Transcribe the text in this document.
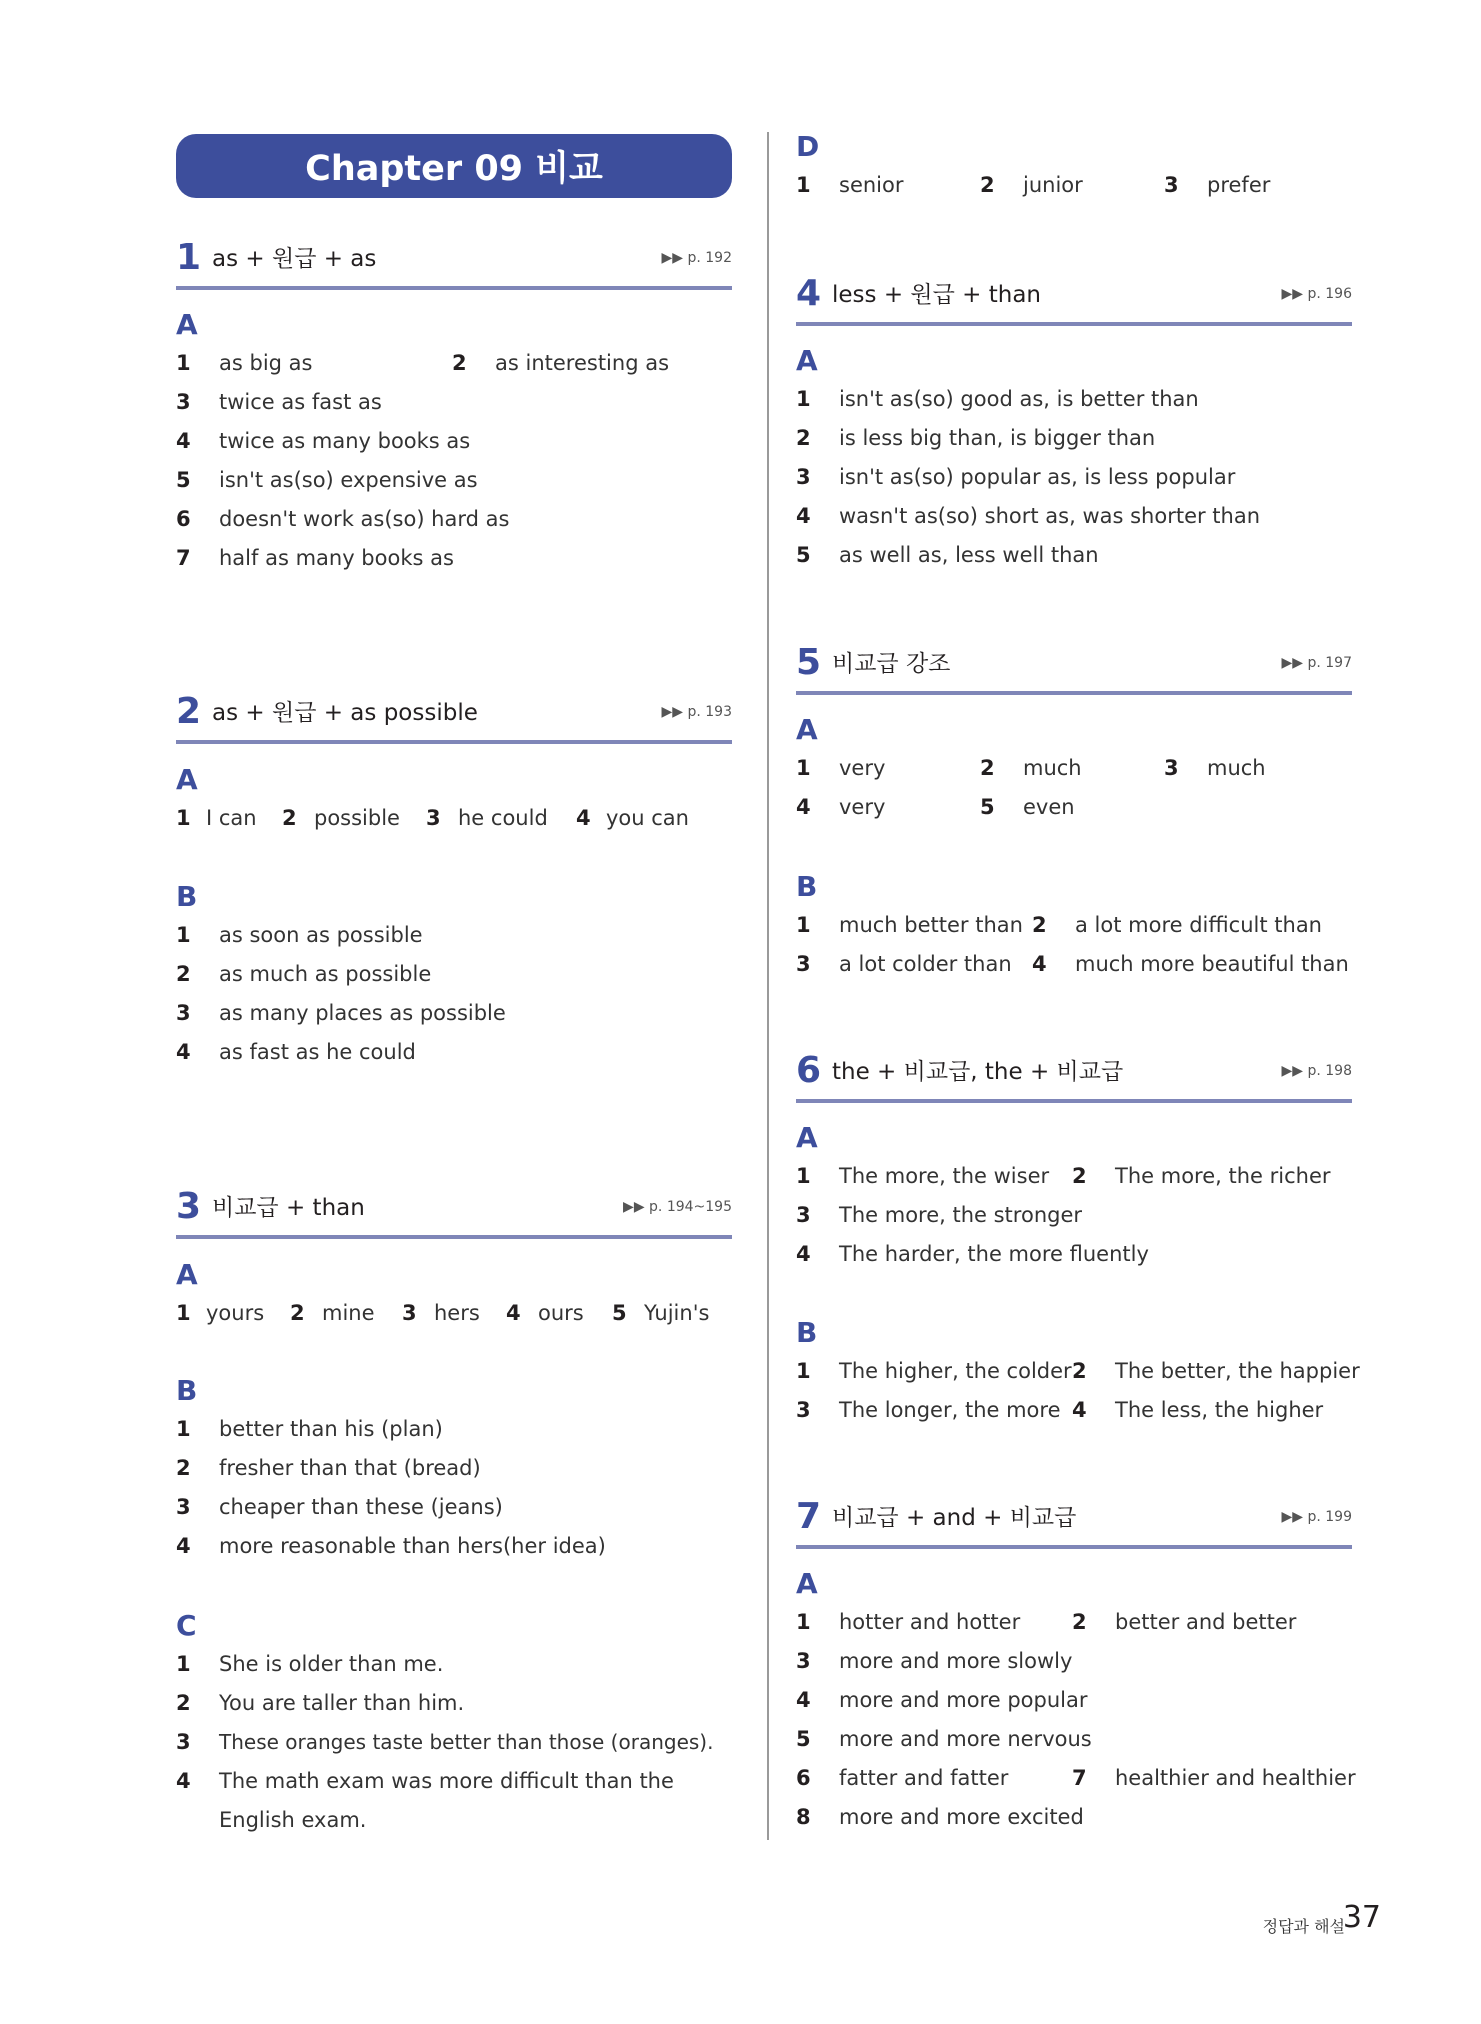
Chapter 09 비교
1 as + 원급 + as	▶▶ p. 192
A
1 as big as	2 as interesting as
3 twice as fast as
4 twice as many books as
5 isn't as(so) expensive as
6 doesn't work as(so) hard as
7 half as many books as
2 as + 원급 + as possible	▶▶ p. 193
A
1 I can 2 possible 3 he could 4 you can
B
1 as soon as possible
2 as much as possible
3 as many places as possible
4 as fast as he could
3 비교급 + than	▶▶ p. 194~195
A
1 yours 2 mine 3 hers 4 ours 5 Yujin's
B
1 better than his (plan)
2 fresher than that (bread)
3 cheaper than these (jeans)
4 more reasonable than hers(her idea)
C
1 She is older than me.
2 You are taller than him.
3 These oranges taste better than those (oranges).
4 The math exam was more difficult than the
English exam.
D
1 senior	2 junior	3 prefer
4 less + 원급 + than	▶▶ p. 196
A
1 isn't as(so) good as, is better than
2 is less big than, is bigger than
3 isn't as(so) popular as, is less popular
4 wasn't as(so) short as, was shorter than
5 as well as, less well than
5 비교급 강조	▶▶ p. 197
A
1 very	2 much	3 much
4 very	5 even
B
1 much better than 2 a lot more difficult than
3 a lot colder than 4 much more beautiful than
6 the + 비교급, the + 비교급	▶▶ p. 198
A
1 The more, the wiser 2 The more, the richer
3 The more, the stronger
4 The harder, the more fluently
B
1 The higher, the colder 2 The better, the happier
3 The longer, the more 4 The less, the higher
7 비교급 + and + 비교급	▶▶ p. 199
A
1 hotter and hotter 2 better and better
3 more and more slowly
4 more and more popular
5 more and more nervous
6 fatter and fatter	7 healthier and healthier
8 more and more excited
정답과 해설
37
